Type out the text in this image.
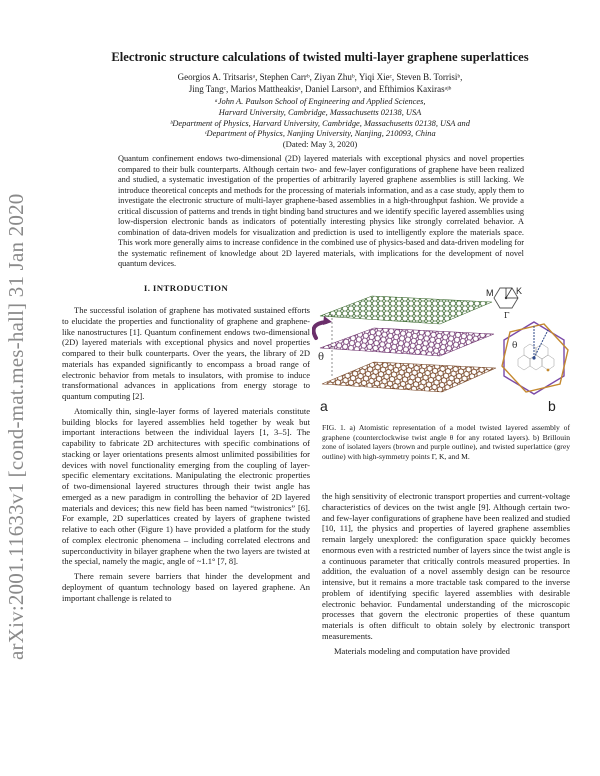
arXiv:2001.11633v1 [cond-mat.mes-hall] 31 Jan 2020
Electronic structure calculations of twisted multi-layer graphene superlattices
Georgios A. Tritsarisᵃ, Stephen Carrᵇ, Ziyan Zhuᵇ, Yiqi Xieᶜ, Steven B. Torrisiᵇ,
Jing Tangᶜ, Marios Mattheakisᵃ, Daniel Larsonᵇ, and Efthimios Kaxirasᵃʲᵇ
ᵃJohn A. Paulson School of Engineering and Applied Sciences,
Harvard University, Cambridge, Massachusetts 02138, USA
ᵇDepartment of Physics, Harvard University, Cambridge, Massachusetts 02138, USA and
ᶜDepartment of Physics, Nanjing University, Nanjing, 210093, China
(Dated: May 3, 2020)
Quantum confinement endows two-dimensional (2D) layered materials with exceptional physics and novel properties compared to their bulk counterparts. Although certain two- and few-layer configurations of graphene have been realized and studied, a systematic investigation of the properties of arbitrarily layered graphene assemblies is still lacking. We introduce theoretical concepts and methods for the processing of materials information, and as a case study, apply them to investigate the electronic structure of multi-layer graphene-based assemblies in a high-throughput fashion. We provide a critical discussion of patterns and trends in tight binding band structures and we identify specific layered assemblies using low-dispersion electronic bands as indicators of potentially interesting physics like strongly correlated behavior. A combination of data-driven models for visualization and prediction is used to intelligently explore the materials space. This work more generally aims to increase confidence in the combined use of physics-based and data-driven modeling for the systematic refinement of knowledge about 2D layered materials, with implications for the development of novel quantum devices.
I. INTRODUCTION

The successful isolation of graphene has motivated sustained efforts to elucidate the properties and functionality of graphene and graphene-like nanostructures [1]. Quantum confinement endows two-dimensional (2D) layered materials with exceptional physics and novel properties compared to their bulk counterparts. Over the years, the library of 2D materials has expanded significantly to encompass a broad range of electronic behavior from metals to insulators, with promise to induce transformational advances in applications from energy storage to quantum computing [2].

Atomically thin, single-layer forms of layered materials constitute building blocks for layered assemblies held together by weak but important interactions between the individual layers [1, 3–5]. The capability to fabricate 2D architectures with specific combinations of stacking or layer orientations presents almost unlimited possibilities for devices with novel functionality emerging from the coupling of layer-specific elementary excitations. Manipulating the electronic properties of two-dimensional layered structures through their twist angle has emerged as a new paradigm in controlling the behavior of 2D layered materials and devices; this new field has been named “twistronics” [6]. For example, 2D superlattices created by layers of graphene twisted relative to each other (Figure 1) have provided a platform for the study of complex electronic phenomena – including correlated electrons and superconductivity in bilayer graphene when the two layers are twisted at the special, namely the magic, angle of ~1.1° [7, 8].

There remain severe barriers that hinder the development and deployment of quantum technology based on layered graphene. An important challenge is related to

θ
a
M	K
Γ
θ
b
FIG. 1. a) Atomistic representation of a model twisted layered assembly of graphene (counterclockwise twist angle θ for any rotated layers). b) Brillouin zone of isolated layers (brown and purple outline), and twisted superlattice (grey outline) with high-symmetry points Γ, K, and M.

the high sensitivity of electronic transport properties and current-voltage characteristics of devices on the twist angle [9]. Although certain two- and few-layer configurations of graphene have been realized and studied [10, 11], the physics and properties of layered graphene assemblies remain largely unexplored: the configuration space quickly becomes enormous even with a restricted number of layers since the twist angle is a continuous parameter that critically controls measured properties. In addition, the evaluation of a novel assembly design can be resource intensive, but it remains a more tractable task compared to the inverse problem of identifying specific layered assemblies with desirable electronic behavior. Fundamental understanding of the microscopic processes that govern the electronic properties of these quantum materials is often difficult to obtain solely by electronic transport measurements.

Materials modeling and computation have provided
